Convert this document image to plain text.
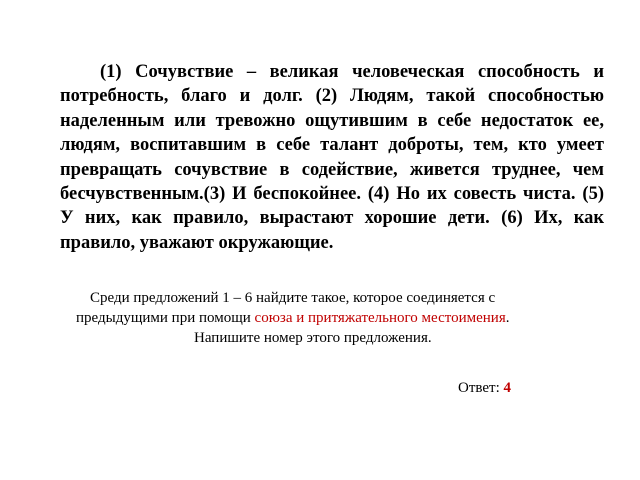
(1) Сочувствие – великая человеческая способность и потребность, благо и долг. (2) Людям, такой способностью наделенным или тревожно ощутившим в себе недостаток ее, людям, воспитавшим в себе талант доброты, тем, кто умеет превращать сочувствие в содействие, живется труднее, чем бесчувственным.(3) И беспокойнее. (4) Но их совесть чиста. (5) У них, как правило, вырастают хорошие дети. (6) Их, как правило, уважают окружающие.

Среди предложений 1 – 6 найдите такое, которое соединяется с
предыдущими при помощи союза и притяжательного местоимения.
Напишите номер этого предложения.
Ответ: 4
